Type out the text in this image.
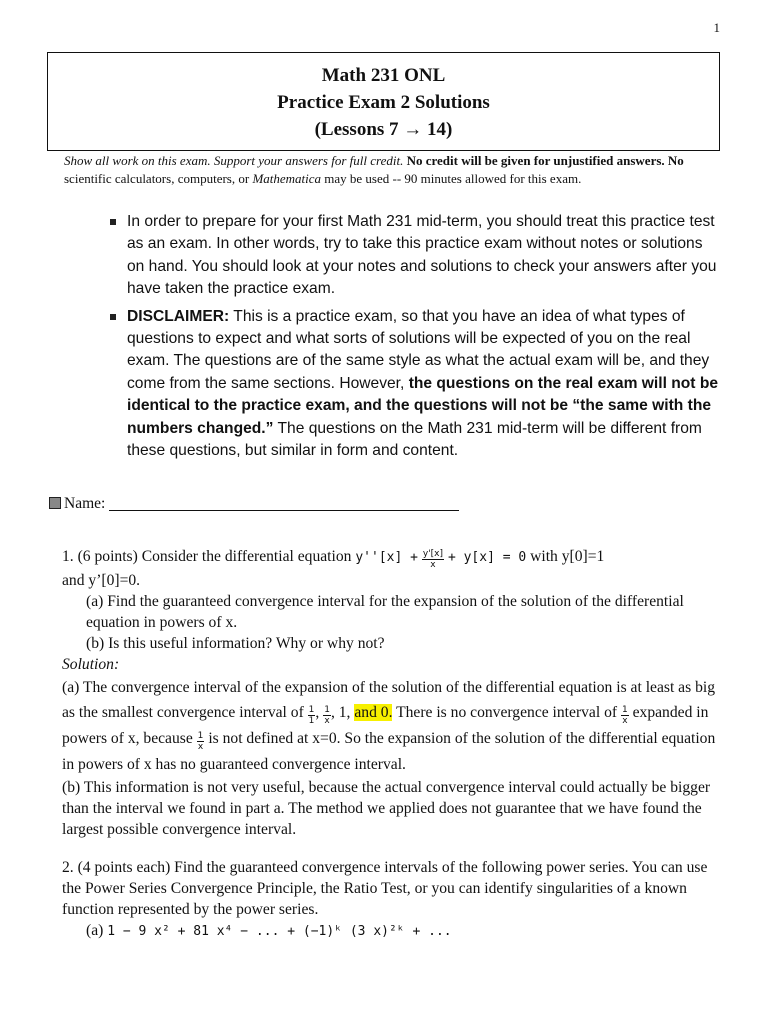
1
Math 231 ONL
Practice Exam 2 Solutions
(Lessons 7 → 14)
Show all work on this exam. Support your answers for full credit. No credit will be given for unjustified answers. No scientific calculators, computers, or Mathematica may be used -- 90 minutes allowed for this exam.
In order to prepare for your first Math 231 mid-term, you should treat this practice test as an exam. In other words, try to take this practice exam without notes or solutions on hand. You should look at your notes and solutions to check your answers after you have taken the practice exam.
DISCLAIMER: This is a practice exam, so that you have an idea of what types of questions to expect and what sorts of solutions will be expected of you on the real exam. The questions are of the same style as what the actual exam will be, and they come from the same sections. However, the questions on the real exam will not be identical to the practice exam, and the questions will not be “the same with the numbers changed.” The questions on the Math 231 mid-term will be different from these questions, but similar in form and content.
Name:

1. (6 points) Consider the differential equation $y''[x] + \frac{y'[x]}{x} + y[x] = 0$ with y[0]=1

and y’[0]=0.

(a) Find the guaranteed convergence interval for the expansion of the solution of the differential equation in powers of x.

(b) Is this useful information? Why or why not?

Solution:

(a) The convergence interval of the expansion of the solution of the differential equation is at least as big as the smallest convergence interval of $\frac{1}{1}$ , $\frac{1}{x}$ , 1, and 0. There is no convergence interval of $\frac{1}{x}$ expanded in powers of x, because $\frac{1}{x}$ is not defined at x=0. So the expansion of the solution of the differential equation in powers of x has no guaranteed convergence interval.

(b) This information is not very useful, because the actual convergence interval could actually be bigger than the interval we found in part a. The method we applied does not guarantee that we have found the largest possible convergence interval.

2. (4 points each) Find the guaranteed convergence intervals of the following power series. You can use the Power Series Convergence Principle, the Ratio Test, or you can identify singularities of a known function represented by the power series.

(a) 1 − 9 x² + 81 x⁴ − ... + (−1)ᵏ (3 x)²ᵏ + ...
